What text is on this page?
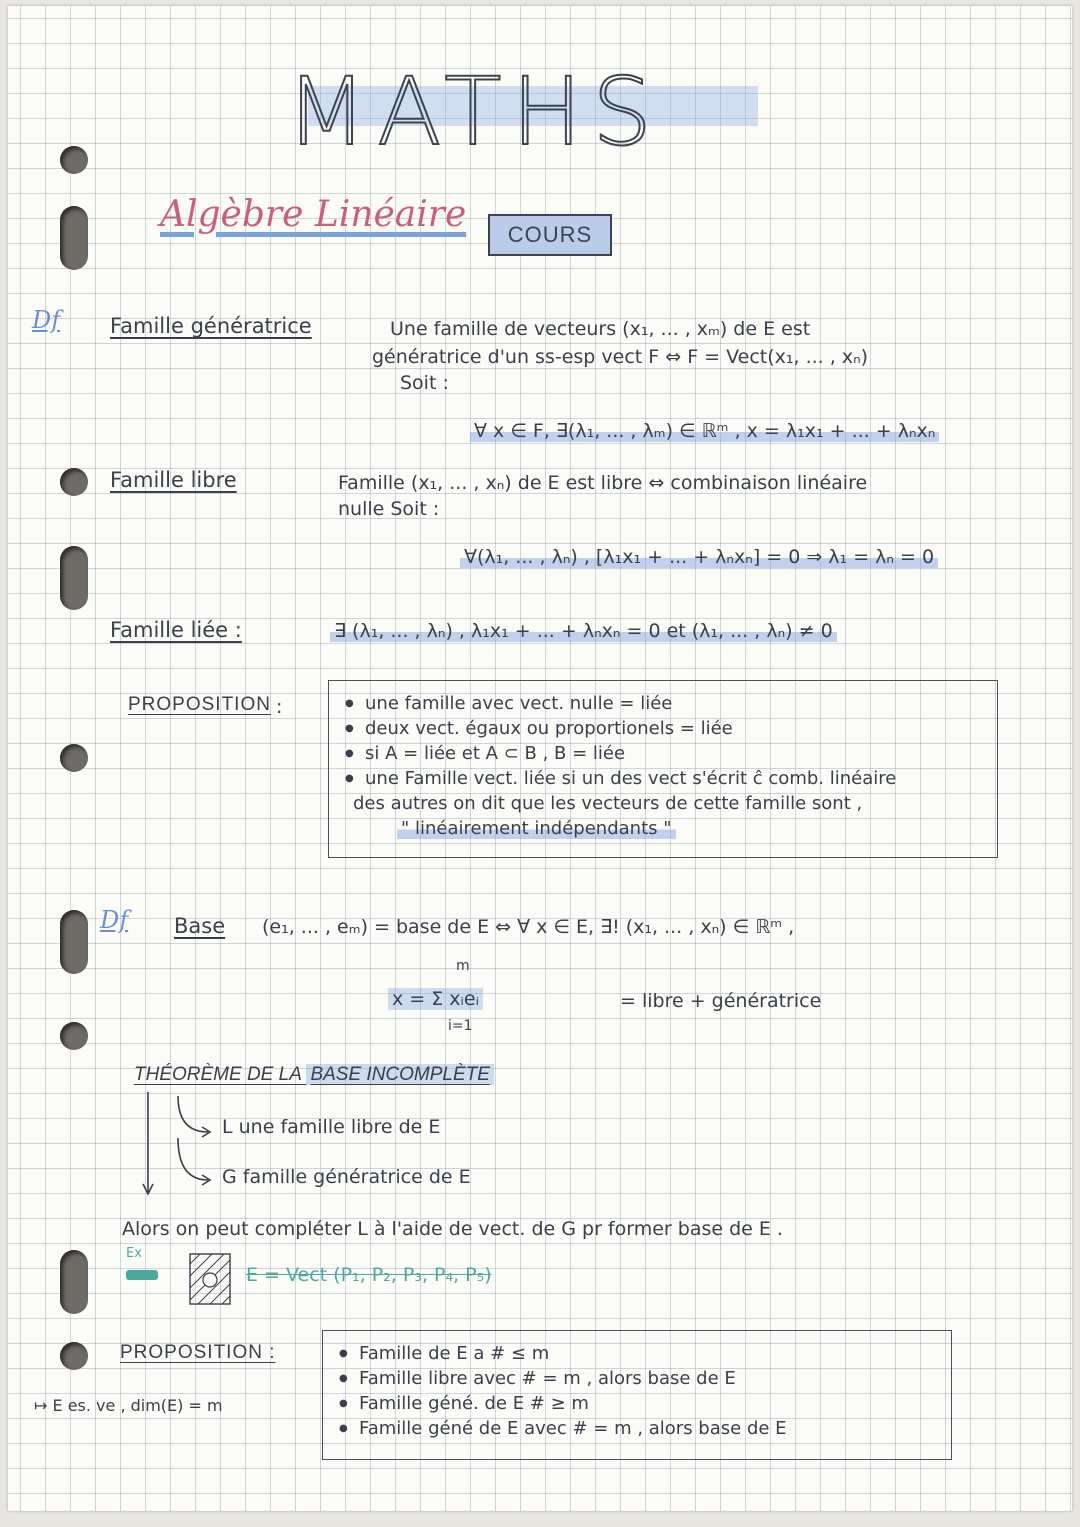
MATHS
Algèbre Linéaire	COURS
Df Famille génératrice	Une famille de vecteurs (x₁, ... , xₘ) de E est
génératrice d'un ss-esp vect F ⇔ F = Vect(x₁, ... , xₙ)
Soit :
∀ x ∈ F, ∃(λ₁, ... , λₘ) ∈ ℝᵐ , x = λ₁x₁ + ... + λₙxₙ
Famille libre	Famille (x₁, ... , xₙ) de E est libre ⇔ combinaison linéaire
nulle Soit :
∀(λ₁, ... , λₙ) , [λ₁x₁ + ... + λₙxₙ] = 0 ⇒ λ₁ = λₙ = 0
Famille liée :	∃ (λ₁, ... , λₙ) , λ₁x₁ + ... + λₙxₙ = 0 et (λ₁, ... , λₙ) ≠ 0
PROPOSITION :
●	une famille avec vect. nulle = liée
● deux vect. égaux ou proportionels = liée
● si A = liée et A ⊂ B , B = liée
● une Famille vect. liée si un des vect s'écrit ĉ comb. linéaire
des autres on dit que les vecteurs de cette famille sont ,
" linéairement indépendants "
Df Base (e₁, ... , eₘ) = base de E ⇔ ∀ x ∈ E, ∃! (x₁, ... , xₙ) ∈ ℝᵐ ,
m
x = Σ xᵢeᵢ
i=1
= libre + génératrice
THÉORÈME DE LA BASE INCOMPLÈTE
L une famille libre de E
G famille génératrice de E
Alors on peut compléter L à l'aide de vect. de G pr former base de E .
Ex
E = Vect (P₁, P₂, P₃, P₄, P₅)
PROPOSITION :
↦ E es. ve , dim(E) = m
● Famille de E a # ≤ m
● Famille libre avec # = m , alors base de E
● Famille géné. de E # ≥ m
● Famille géné de E avec # = m , alors base de E
